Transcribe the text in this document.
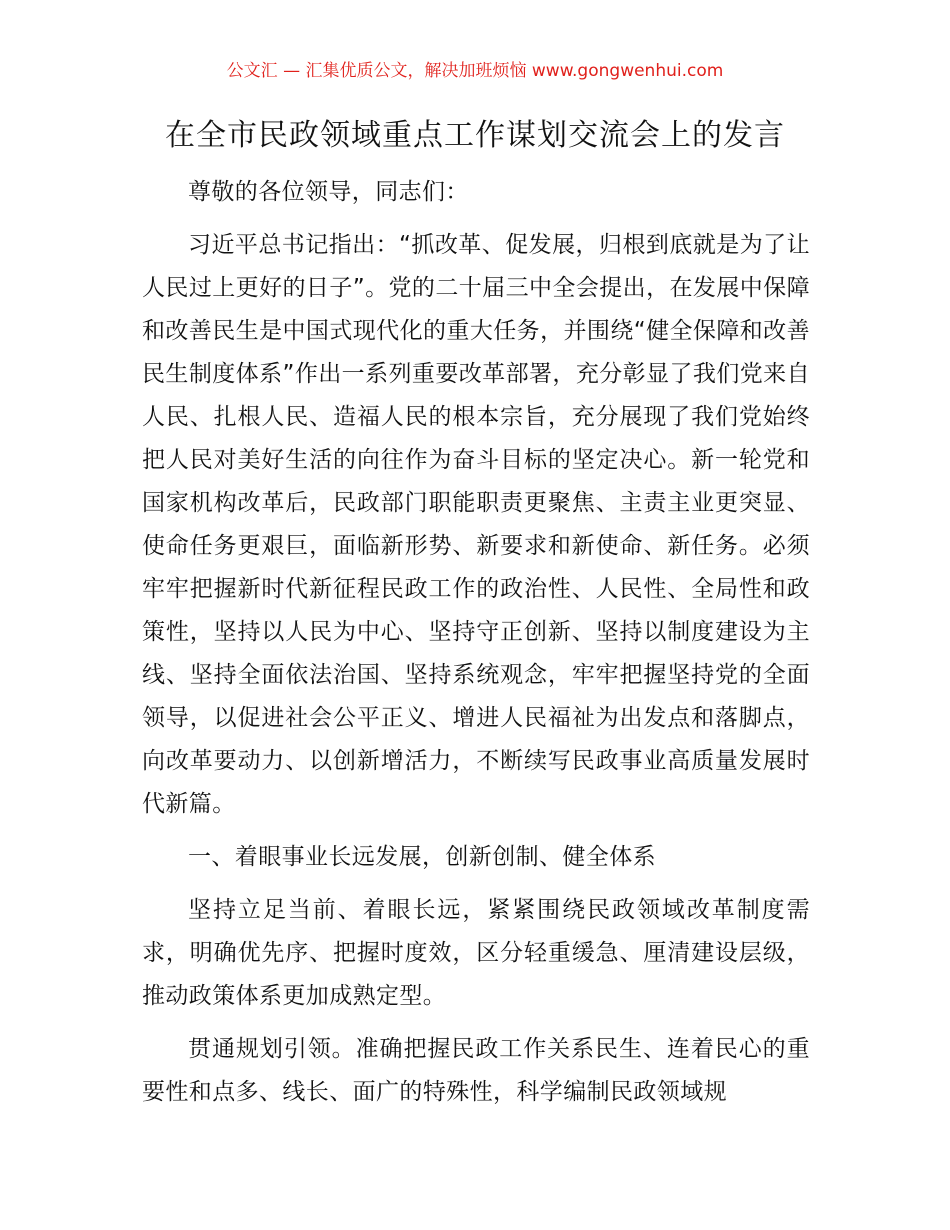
公文汇 — 汇集优质公文，解决加班烦恼 www.gongwenhui.com
在全市民政领域重点工作谋划交流会上的发言

尊敬的各位领导，同志们：

习近平总书记指出：“抓改革、促发展，归根到底就是为了让人民过上更好的日子”。党的二十届三中全会提出，在发展中保障和改善民生是中国式现代化的重大任务，并围绕“健全保障和改善民生制度体系”作出一系列重要改革部署，充分彰显了我们党来自人民、扎根人民、造福人民的根本宗旨，充分展现了我们党始终把人民对美好生活的向往作为奋斗目标的坚定决心。新一轮党和国家机构改革后，民政部门职能职责更聚焦、主责主业更突显、使命任务更艰巨，面临新形势、新要求和新使命、新任务。必须牢牢把握新时代新征程民政工作的政治性、人民性、全局性和政策性，坚持以人民为中心、坚持守正创新、坚持以制度建设为主线、坚持全面依法治国、坚持系统观念，牢牢把握坚持党的全面领导，以促进社会公平正义、增进人民福祉为出发点和落脚点，向改革要动力、以创新增活力，不断续写民政事业高质量发展时代新篇。

一、着眼事业长远发展，创新创制、健全体系

坚持立足当前、着眼长远，紧紧围绕民政领域改革制度需求，明确优先序、把握时度效，区分轻重缓急、厘清建设层级，推动政策体系更加成熟定型。

贯通规划引领。准确把握民政工作关系民生、连着民心的重要性和点多、线长、面广的特殊性，科学编制民政领域规
